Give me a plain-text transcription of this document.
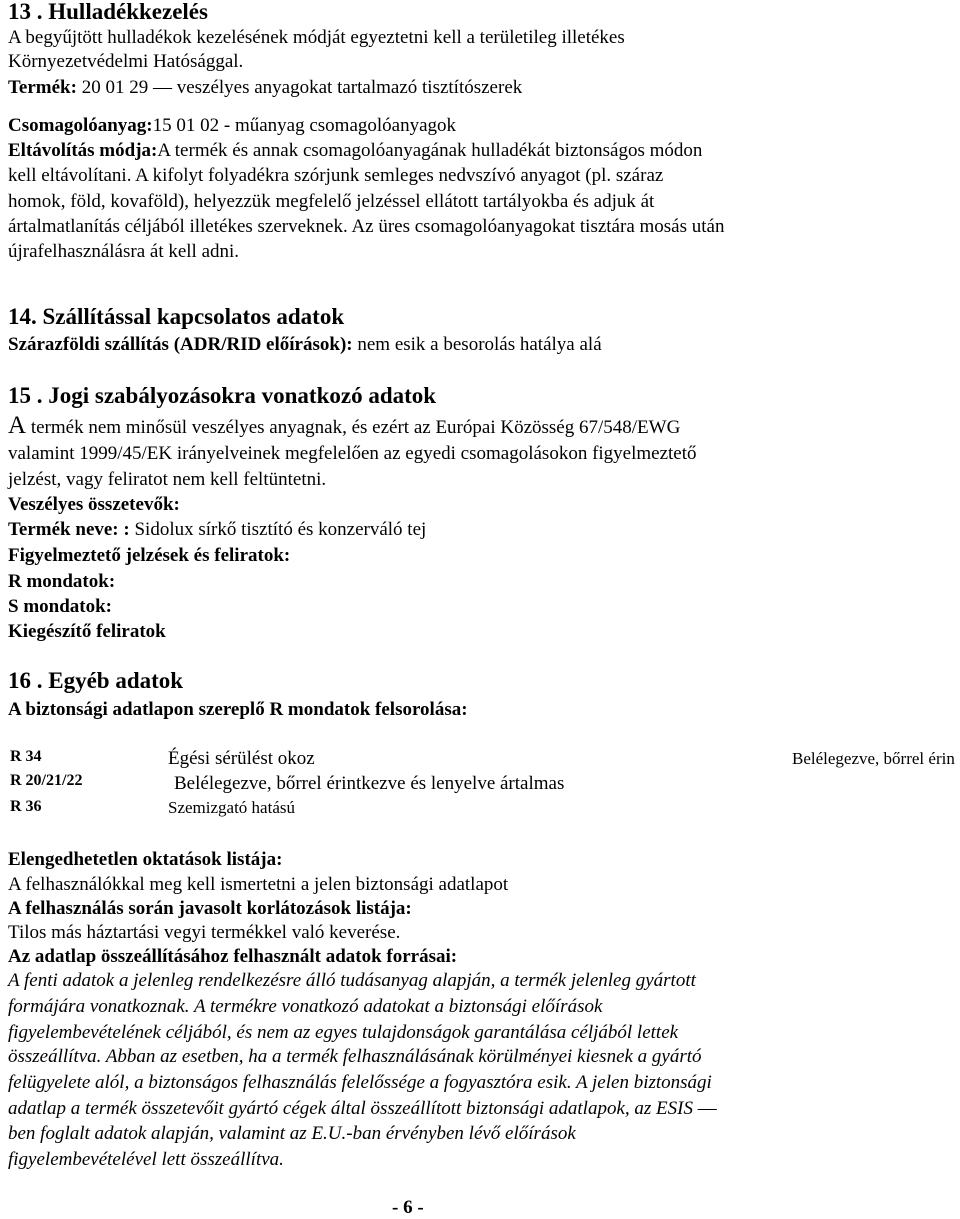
13 . Hulladékkezelés
A begyűjtött hulladékok kezelésének módját egyeztetni kell a területileg illetékes
Környezetvédelmi Hatósággal.
Termék: 20 01 29 ― veszélyes anyagokat tartalmazó tisztítószerek
Csomagolóanyag:15 01 02 - műanyag csomagolóanyagok
Eltávolítás módja:A termék és annak csomagolóanyagának hulladékát biztonságos módon
kell eltávolítani. A kifolyt folyadékra szórjunk semleges nedvszívó anyagot (pl. száraz
homok, föld, kovaföld), helyezzük megfelelő jelzéssel ellátott tartályokba és adjuk át
ártalmatlanítás céljából illetékes szerveknek. Az üres csomagolóanyagokat tisztára mosás után
újrafelhasználásra át kell adni.
14. Szállítással kapcsolatos adatok
Szárazföldi szállítás (ADR/RID előírások): nem esik a besorolás hatálya alá
15 . Jogi szabályozásokra vonatkozó adatok
A termék nem minősül veszélyes anyagnak, és ezért az Európai Közösség 67/548/EWG
valamint 1999/45/EK irányelveinek megfelelően az egyedi csomagolásokon figyelmeztető
jelzést, vagy feliratot nem kell feltüntetni.
Veszélyes összetevők:
Termék neve: : Sidolux sírkő tisztító és konzerváló tej
Figyelmeztető jelzések és feliratok:
R mondatok:
S mondatok:
Kiegészítő feliratok
16 . Egyéb adatok
A biztonsági adatlapon szereplő R mondatok felsorolása:
R 34	Égési sérülést okoz	Belélegezve, bőrrel érin
R 20/21/22	Belélegezve, bőrrel érintkezve és lenyelve ártalmas
R 36	Szemizgató hatású
Elengedhetetlen oktatások listája:
A felhasználókkal meg kell ismertetni a jelen biztonsági adatlapot
A felhasználás során javasolt korlátozások listája:
Tilos más háztartási vegyi termékkel való keverése.
Az adatlap összeállításához felhasznált adatok forrásai:
A fenti adatok a jelenleg rendelkezésre álló tudásanyag alapján, a termék jelenleg gyártott
formájára vonatkoznak. A termékre vonatkozó adatokat a biztonsági előírások
figyelembevételének céljából, és nem az egyes tulajdonságok garantálása céljából lettek
összeállítva. Abban az esetben, ha a termék felhasználásának körülményei kiesnek a gyártó
felügyelete alól, a biztonságos felhasználás felelőssége a fogyasztóra esik. A jelen biztonsági
adatlap a termék összetevőit gyártó cégek által összeállított biztonsági adatlapok, az ESIS ―
ben foglalt adatok alapján, valamint az E.U.-ban érvényben lévő előírások
figyelembevételével lett összeállítva.
- 6 -
